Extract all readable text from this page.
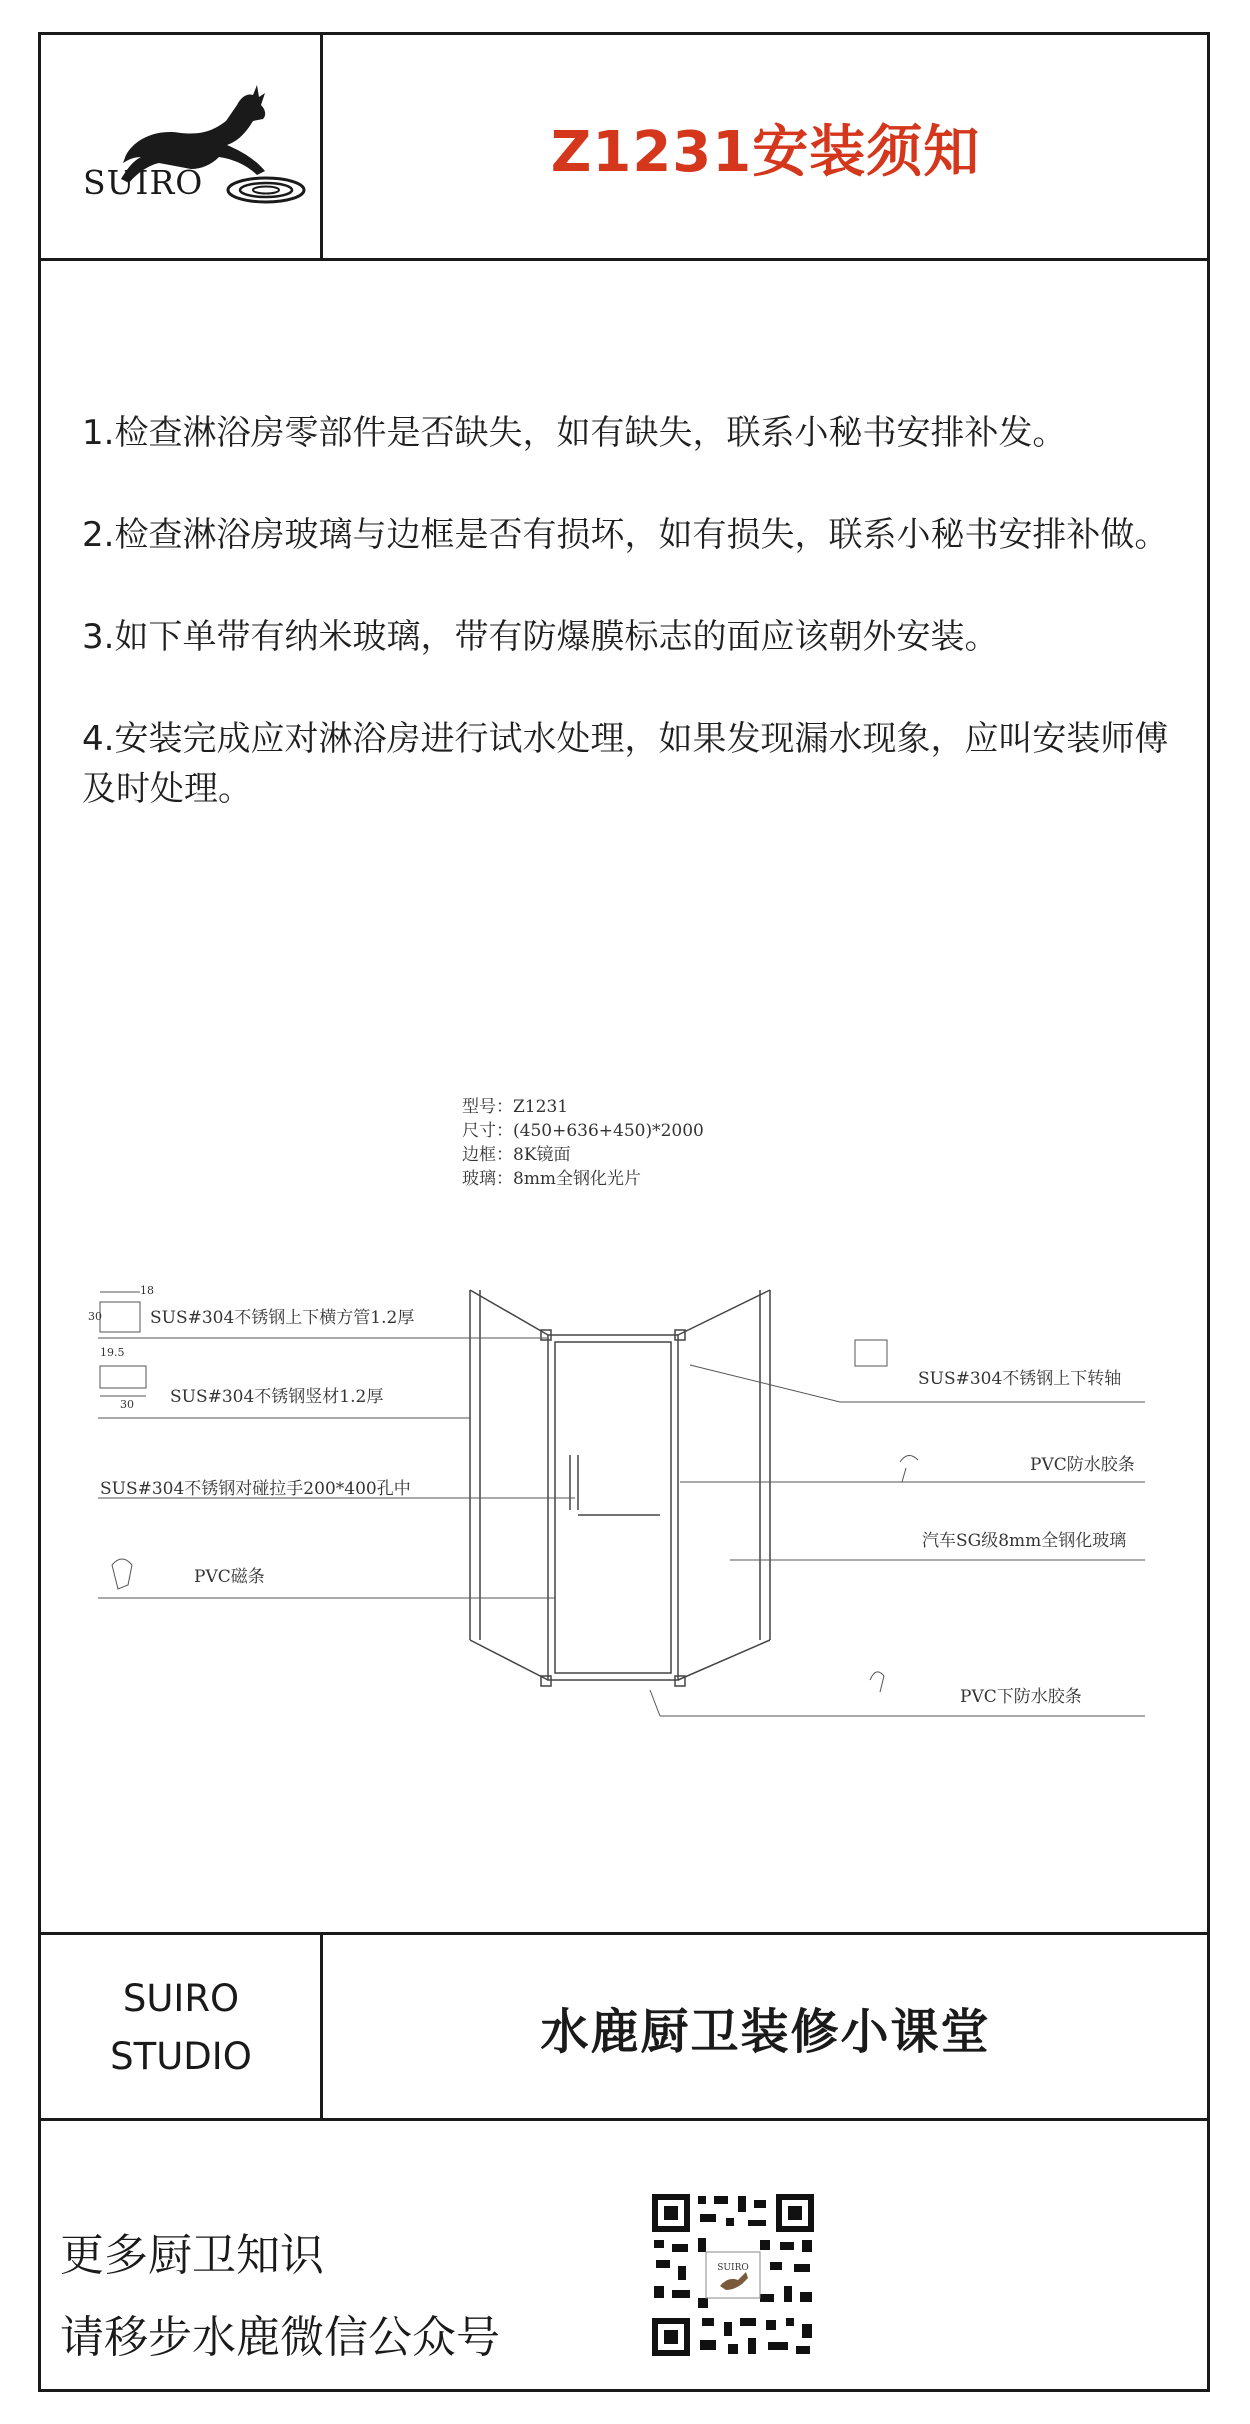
SUIRO	Z1231安装须知

1.检查淋浴房零部件是否缺失，如有缺失，联系小秘书安排补发。

2.检查淋浴房玻璃与边框是否有损坏，如有损失，联系小秘书安排补做。

3.如下单带有纳米玻璃，带有防爆膜标志的面应该朝外安装。

4.安装完成应对淋浴房进行试水处理，如果发现漏水现象，应叫安装师傅及时处理。

型号：Z1231
尺寸：(450+636+450)*2000
边框：8K镜面
玻璃：8mm全钢化光片
18
30
19.5
30
SUS#304不锈钢上下横方管1.2厚
SUS#304不锈钢竖材1.2厚
SUS#304不锈钢对碰拉手200*400孔中
PVC磁条
SUS#304不锈钢上下转轴
PVC防水胶条
汽车SG级8mm全钢化玻璃
PVC下防水胶条
SUIRO
STUDIO	水鹿厨卫装修小课堂
更多厨卫知识
请移步水鹿微信公众号
SUIRO
